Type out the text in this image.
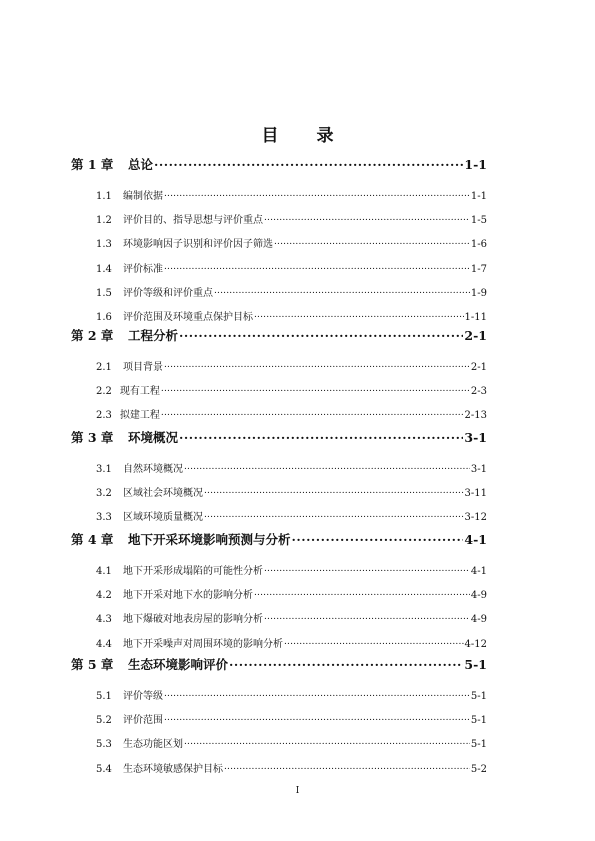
目 录
第 1 章	总论 .....	1-1
1.1	编制依据 .....	1-1
1.2	评价目的、指导思想与评价重点 .....	1-5
1.3	环境影响因子识别和评价因子筛选 .....	1-6
1.4	评价标准 .....	1-7
1.5	评价等级和评价重点 .....	1-9
1.6	评价范围及环境重点保护目标 .....	1-11
第 2 章	工程分析 .....	2-1
2.1	项目背景 .....	2-1
2.2 现有工程 .....	2-3
2.3 拟建工程 .....	2-13
第 3 章	环境概况 .....	3-1
3.1	自然环境概况 .....	3-1
3.2	区域社会环境概况 .....	3-11
3.3	区域环境质量概况 .....	3-12
第 4 章	地下开采环境影响预测与分析 .....	4-1
4.1	地下开采形成塌陷的可能性分析 .....	4-1
4.2	地下开采对地下水的影响分析 .....	4-9
4.3	地下爆破对地表房屋的影响分析 .....	4-9
4.4	地下开采噪声对周围环境的影响分析 .....	4-12
第 5 章	生态环境影响评价 .....	5-1
5.1	评价等级 .....	5-1
5.2	评价范围 .....	5-1
5.3	生态功能区划 .....	5-1
5.4	生态环境敏感保护目标 .....	5-2
I
